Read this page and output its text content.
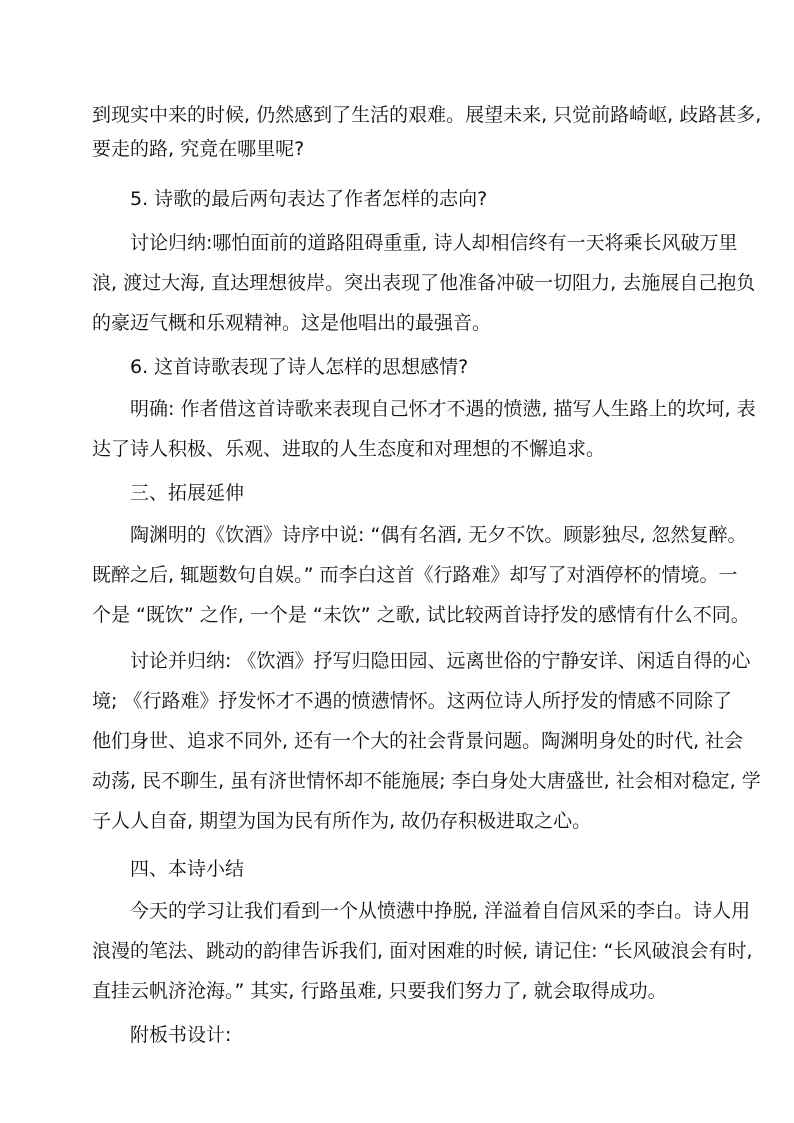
到现实中来的时候, 仍然感到了生活的艰难。展望未来, 只觉前路崎岖, 歧路甚多,
要走的路, 究竟在哪里呢?

5. 诗歌的最后两句表达了作者怎样的志向?

讨论归纳:哪怕面前的道路阻碍重重, 诗人却相信终有一天将乘长风破万里
浪, 渡过大海, 直达理想彼岸。突出表现了他准备冲破一切阻力, 去施展自己抱负
的豪迈气概和乐观精神。这是他唱出的最强音。

6. 这首诗歌表现了诗人怎样的思想感情?

明确: 作者借这首诗歌来表现自己怀才不遇的愤懑, 描写人生路上的坎坷, 表
达了诗人积极、乐观、进取的人生态度和对理想的不懈追求。

三、拓展延伸

陶渊明的《饮酒》诗序中说: “偶有名酒, 无夕不饮。顾影独尽, 忽然复醉。
既醉之后, 辄题数句自娱。” 而李白这首《行路难》却写了对酒停杯的情境。一
个是 “既饮” 之作, 一个是 “未饮” 之歌, 试比较两首诗抒发的感情有什么不同。

讨论并归纳: 《饮酒》抒写归隐田园、远离世俗的宁静安详、闲适自得的心
境; 《行路难》抒发怀才不遇的愤懑情怀。这两位诗人所抒发的情感不同除了
他们身世、追求不同外, 还有一个大的社会背景问题。陶渊明身处的时代, 社会
动荡, 民不聊生, 虽有济世情怀却不能施展; 李白身处大唐盛世, 社会相对稳定, 学
子人人自奋, 期望为国为民有所作为, 故仍存积极进取之心。

四、本诗小结

今天的学习让我们看到一个从愤懑中挣脱, 洋溢着自信风采的李白。诗人用
浪漫的笔法、跳动的韵律告诉我们, 面对困难的时候, 请记住: “长风破浪会有时,
直挂云帆济沧海。” 其实, 行路虽难, 只要我们努力了, 就会取得成功。

附板书设计:
